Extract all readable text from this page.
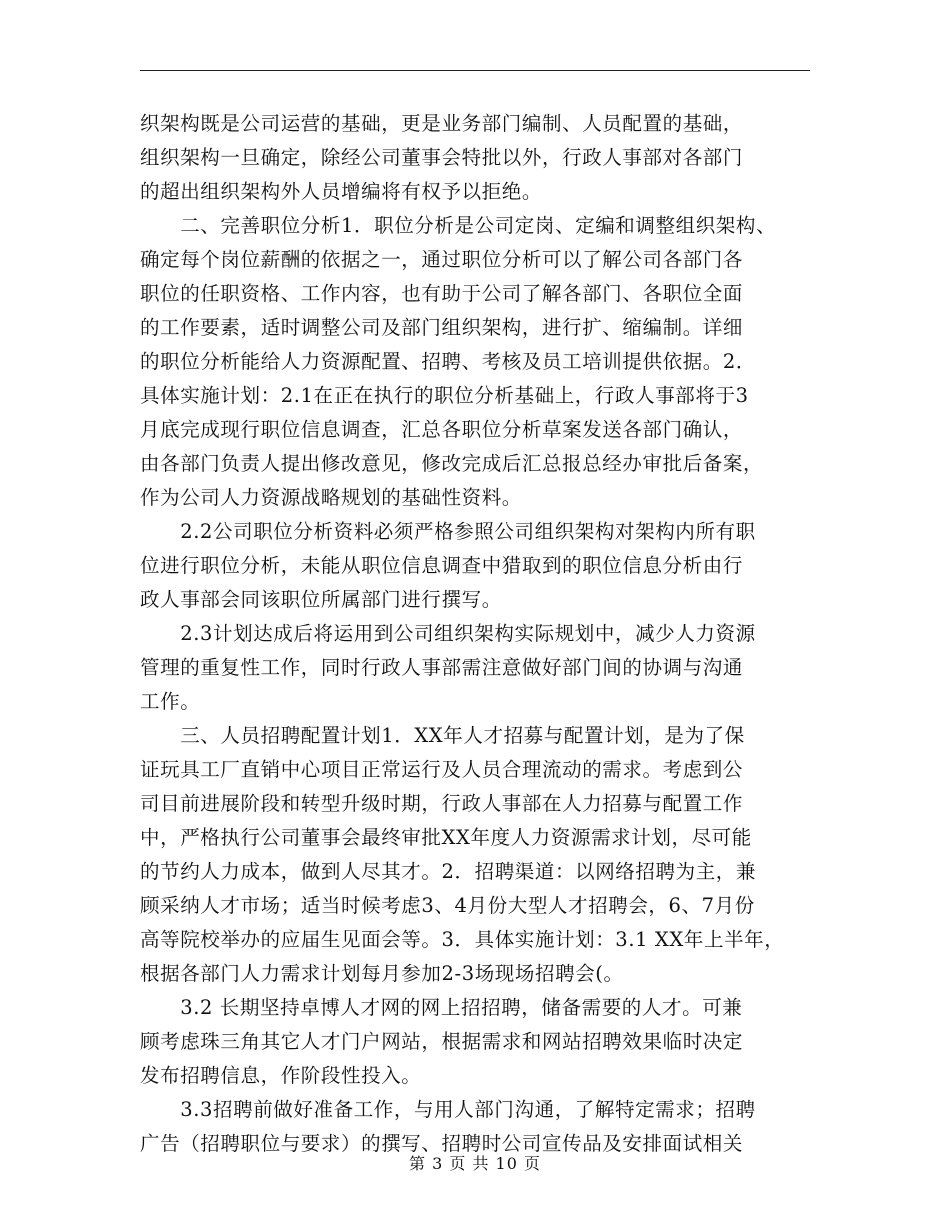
织架构既是公司运营的基础，更是业务部门编制、人员配置的基础，
组织架构一旦确定，除经公司董事会特批以外，行政人事部对各部门
的超出组织架构外人员增编将有权予以拒绝。
　　二、完善职位分析1．职位分析是公司定岗、定编和调整组织架构、
确定每个岗位薪酬的依据之一，通过职位分析可以了解公司各部门各
职位的任职资格、工作内容，也有助于公司了解各部门、各职位全面
的工作要素，适时调整公司及部门组织架构，进行扩、缩编制。详细
的职位分析能给人力资源配置、招聘、考核及员工培训提供依据。2．
具体实施计划：2.1在正在执行的职位分析基础上，行政人事部将于3
月底完成现行职位信息调查，汇总各职位分析草案发送各部门确认，
由各部门负责人提出修改意见，修改完成后汇总报总经办审批后备案，
作为公司人力资源战略规划的基础性资料。
　　2.2公司职位分析资料必须严格参照公司组织架构对架构内所有职
位进行职位分析，未能从职位信息调查中猎取到的职位信息分析由行
政人事部会同该职位所属部门进行撰写。
　　2.3计划达成后将运用到公司组织架构实际规划中，减少人力资源
管理的重复性工作，同时行政人事部需注意做好部门间的协调与沟通
工作。
　　三、人员招聘配置计划1．XX年人才招募与配置计划，是为了保
证玩具工厂直销中心项目正常运行及人员合理流动的需求。考虑到公
司目前进展阶段和转型升级时期，行政人事部在人力招募与配置工作
中，严格执行公司董事会最终审批XX年度人力资源需求计划，尽可能
的节约人力成本，做到人尽其才。2．招聘渠道：以网络招聘为主，兼
顾采纳人才市场；适当时候考虑3、4月份大型人才招聘会，6、7月份
高等院校举办的应届生见面会等。3．具体实施计划：3.1 XX年上半年，
根据各部门人力需求计划每月参加2-3场现场招聘会(。
　　3.2 长期坚持卓博人才网的网上招招聘，储备需要的人才。可兼
顾考虑珠三角其它人才门户网站，根据需求和网站招聘效果临时决定
发布招聘信息，作阶段性投入。
　　3.3招聘前做好准备工作，与用人部门沟通，了解特定需求；招聘
广告（招聘职位与要求）的撰写、招聘时公司宣传品及安排面试相关
第 3 页 共 10 页
